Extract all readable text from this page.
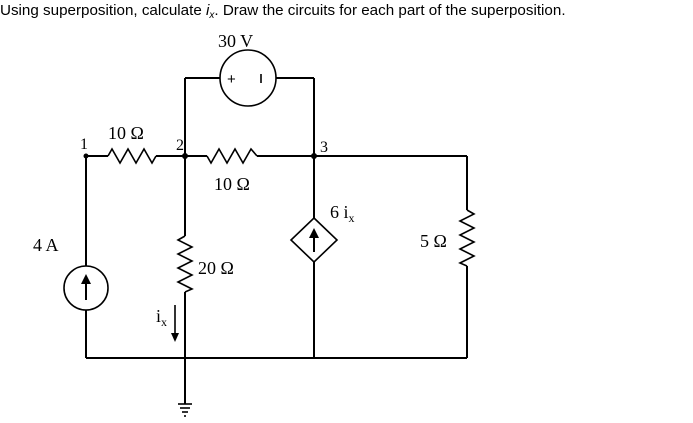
Using superposition, calculate $i_x$. Draw the circuits for each part of the superposition.

1	2	3
10 Ω
10 Ω
20 Ω
5 Ω
+
30 V
4 A
6 $i_x$
$i_x$
